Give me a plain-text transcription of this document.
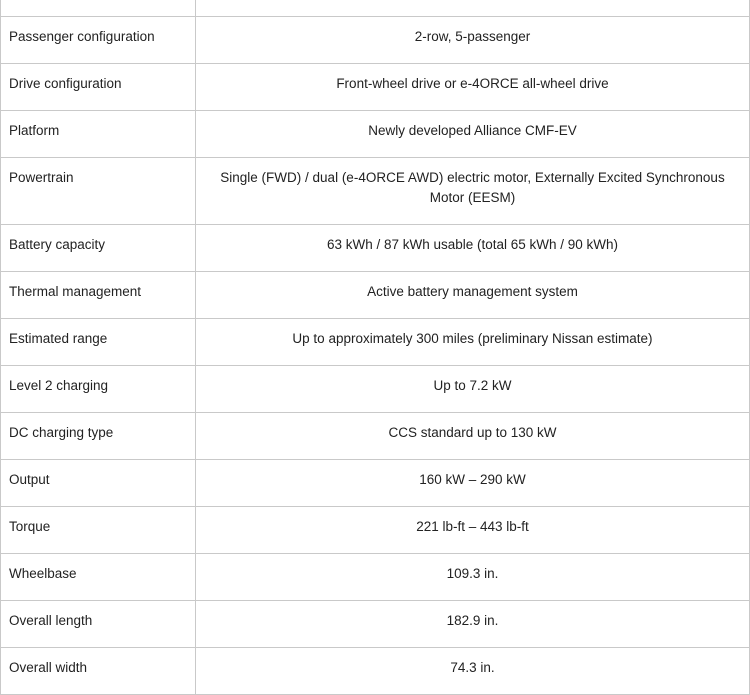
Passenger configuration	2-row, 5-passenger
Drive configuration	Front-wheel drive or e-4ORCE all-wheel drive
Platform	Newly developed Alliance CMF-EV
Powertrain	Single (FWD) / dual (e-4ORCE AWD) electric motor, Externally Excited Synchronous Motor (EESM)
Battery capacity	63 kWh / 87 kWh usable (total 65 kWh / 90 kWh)
Thermal management	Active battery management system
Estimated range	Up to approximately 300 miles (preliminary Nissan estimate)
Level 2 charging	Up to 7.2 kW
DC charging type	CCS standard up to 130 kW
Output	160 kW – 290 kW
Torque	221 lb-ft – 443 lb-ft
Wheelbase	109.3 in.
Overall length	182.9 in.
Overall width	74.3 in.
